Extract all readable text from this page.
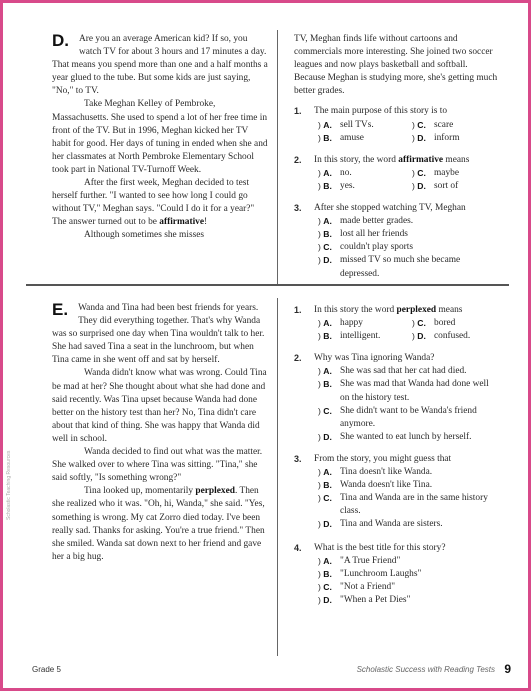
Scholastic Teaching Resources

D. Are you an average American kid? If so, you watch TV for about 3 hours and 17 minutes a day. That means you spend more than one and a half months a year glued to the tube. But some kids are just saying, "No," to TV.

Take Meghan Kelley of Pembroke, Massachusetts. She used to spend a lot of her free time in front of the TV. But in 1996, Meghan kicked her TV habit for good. Her days of tuning in ended when she and her classmates at North Pembroke Elementary School took part in National TV-Turnoff Week.

After the first week, Meghan decided to test herself further. "I wanted to see how long I could go without TV," Meghan says. "Could I do it for a year?" The answer turned out to be affirmative!

Although sometimes she misses

TV, Meghan finds life without cartoons and commercials more interesting. She joined two soccer leagues and now plays basketball and softball. Because Meghan is studying more, she's getting much better grades.

1. The main purpose of this story is to
) A. sell TVs.	) C. scare
) B. amuse	) D. inform
2. In this story, the word affirmative means
) A. no.	) C. maybe
) B. yes.	) D. sort of
3. After she stopped watching TV, Meghan
) A. made better grades.
) B. lost all her friends
) C. couldn't play sports
) D. missed TV so much she became depressed.

E. Wanda and Tina had been best friends for years. They did everything together. That's why Wanda was so surprised one day when Tina wouldn't talk to her. She had saved Tina a seat in the lunchroom, but when Tina came in she went off and sat by herself.

Wanda didn't know what was wrong. Could Tina be mad at her? She thought about what she had done and said recently. Was Tina upset because Wanda had done better on the history test than her? No, Tina didn't care about that kind of thing. She was happy that Wanda did well in school.

Wanda decided to find out what was the matter. She walked over to where Tina was sitting. "Tina," she said softly, "Is something wrong?"

Tina looked up, momentarily perplexed. Then she realized who it was. "Oh, hi, Wanda," she said. "Yes, something is wrong. My cat Zorro died today. I've been really sad. Thanks for asking. You're a true friend." Then she smiled. Wanda sat down next to her friend and gave her a big hug.

1. In this story the word perplexed means
) A. happy	) C. bored
) B. intelligent.	) D. confused.
2. Why was Tina ignoring Wanda?
) A. She was sad that her cat had died.
) B. She was mad that Wanda had done well on the history test.
) C. She didn't want to be Wanda's friend anymore.
) D. She wanted to eat lunch by herself.
3. From the story, you might guess that
) A. Tina doesn't like Wanda.
) B. Wanda doesn't like Tina.
) C. Tina and Wanda are in the same history class.
) D. Tina and Wanda are sisters.
4. What is the best title for this story?
) A. "A True Friend"
) B. "Lunchroom Laughs"
) C. "Not a Friend"
) D. "When a Pet Dies"
Grade 5	Scholastic Success with Reading Tests 9
